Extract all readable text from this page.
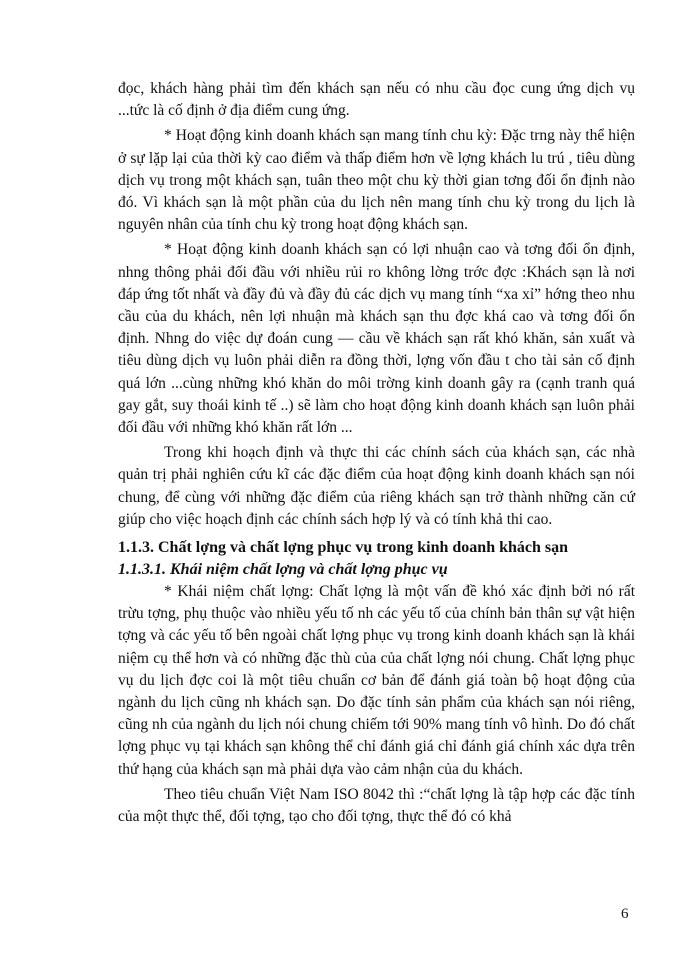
đọc, khách hàng phải tìm đến khách sạn nếu có nhu cầu đọc cung ứng dịch vụ ...tức là cố định ở địa điểm cung ứng.

* Hoạt động kinh doanh khách sạn mang tính chu kỳ: Đặc trng này thể hiện ở sự lặp lại của thời kỳ cao điểm và thấp điểm hơn về lợng khách lu trú , tiêu dùng dịch vụ trong một khách sạn, tuân theo một chu kỳ thời gian tơng đối ổn định nào đó. Vì khách sạn là một phần của du lịch nên mang tính chu kỳ trong du lịch là nguyên nhân của tính chu kỳ trong hoạt động khách sạn.

* Hoạt động kinh doanh khách sạn có lợi nhuận cao và tơng đối ổn định, nhng thông phải đối đầu với nhiều rủi ro không lờng trớc đợc :Khách sạn là nơi đáp ứng tốt nhất và đầy đủ và đầy đủ các dịch vụ mang tính “xa xỉ” hớng theo nhu cầu của du khách, nên lợi nhuận mà khách sạn thu đợc khá cao và tơng đối ổn định. Nhng do việc dự đoán cung — cầu về khách sạn rất khó khăn, sản xuất và tiêu dùng dịch vụ luôn phải diễn ra đồng thời, lợng vốn đầu t cho tài sản cố định quá lớn ...cùng những khó khăn do môi trờng kinh doanh gây ra (cạnh tranh quá gay gắt, suy thoái kinh tế ..) sẽ làm cho hoạt động kinh doanh khách sạn luôn phải đối đầu với những khó khăn rất lớn ...

Trong khi hoạch định và thực thi các chính sách của khách sạn, các nhà quản trị phải nghiên cứu kĩ các đặc điểm của hoạt động kinh doanh khách sạn nói chung, để cùng với những đặc điểm của riêng khách sạn trở thành những căn cứ giúp cho việc hoạch định các chính sách hợp lý và có tính khả thi cao.

1.1.3. Chất lợng và chất lợng phục vụ trong kinh doanh khách sạn

1.1.3.1. Khái niệm chất lợng và chất lợng phục vụ

* Khái niệm chất lợng: Chất lợng là một vấn đề khó xác định bởi nó rất trừu tợng, phụ thuộc vào nhiều yếu tố nh các yếu tố của chính bản thân sự vật hiện tợng và các yếu tố bên ngoài chất lợng phục vụ trong kinh doanh khách sạn là khái niệm cụ thể hơn và có những đặc thù của của chất lợng nói chung. Chất lợng phục vụ du lịch đợc coi là một tiêu chuẩn cơ bản để đánh giá toàn bộ hoạt động của ngành du lịch cũng nh khách sạn. Do đặc tính sản phẩm của khách sạn nói riêng, cũng nh của ngành du lịch nói chung chiếm tới 90% mang tính vô hình. Do đó chất lợng phục vụ tại khách sạn không thể chỉ đánh giá chỉ đánh giá chính xác dựa trên thứ hạng của khách sạn mà phải dựa vào cảm nhận của du khách.

Theo tiêu chuẩn Việt Nam ISO 8042 thì :“chất lợng là tập hợp các đặc tính của một thực thể, đối tợng, tạo cho đối tợng, thực thể đó có khả

6
